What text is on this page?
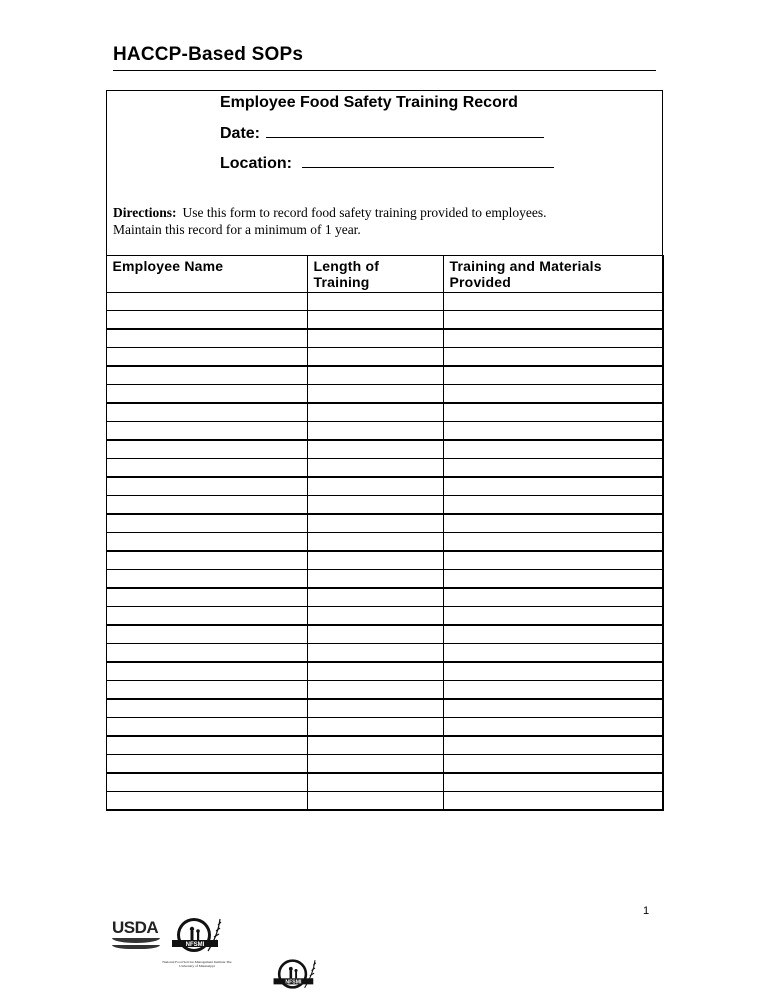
HACCP-Based SOPs
Employee Food Safety Training Record
Date:
Location:
Directions: Use this form to record food safety training provided to employees.
Maintain this record for a minimum of 1 year.
Employee Name	Length of Training	Training and Materials Provided

1
USDA
NFSMI
National Food Service Management Institute The University of Mississippi
NFSMI
